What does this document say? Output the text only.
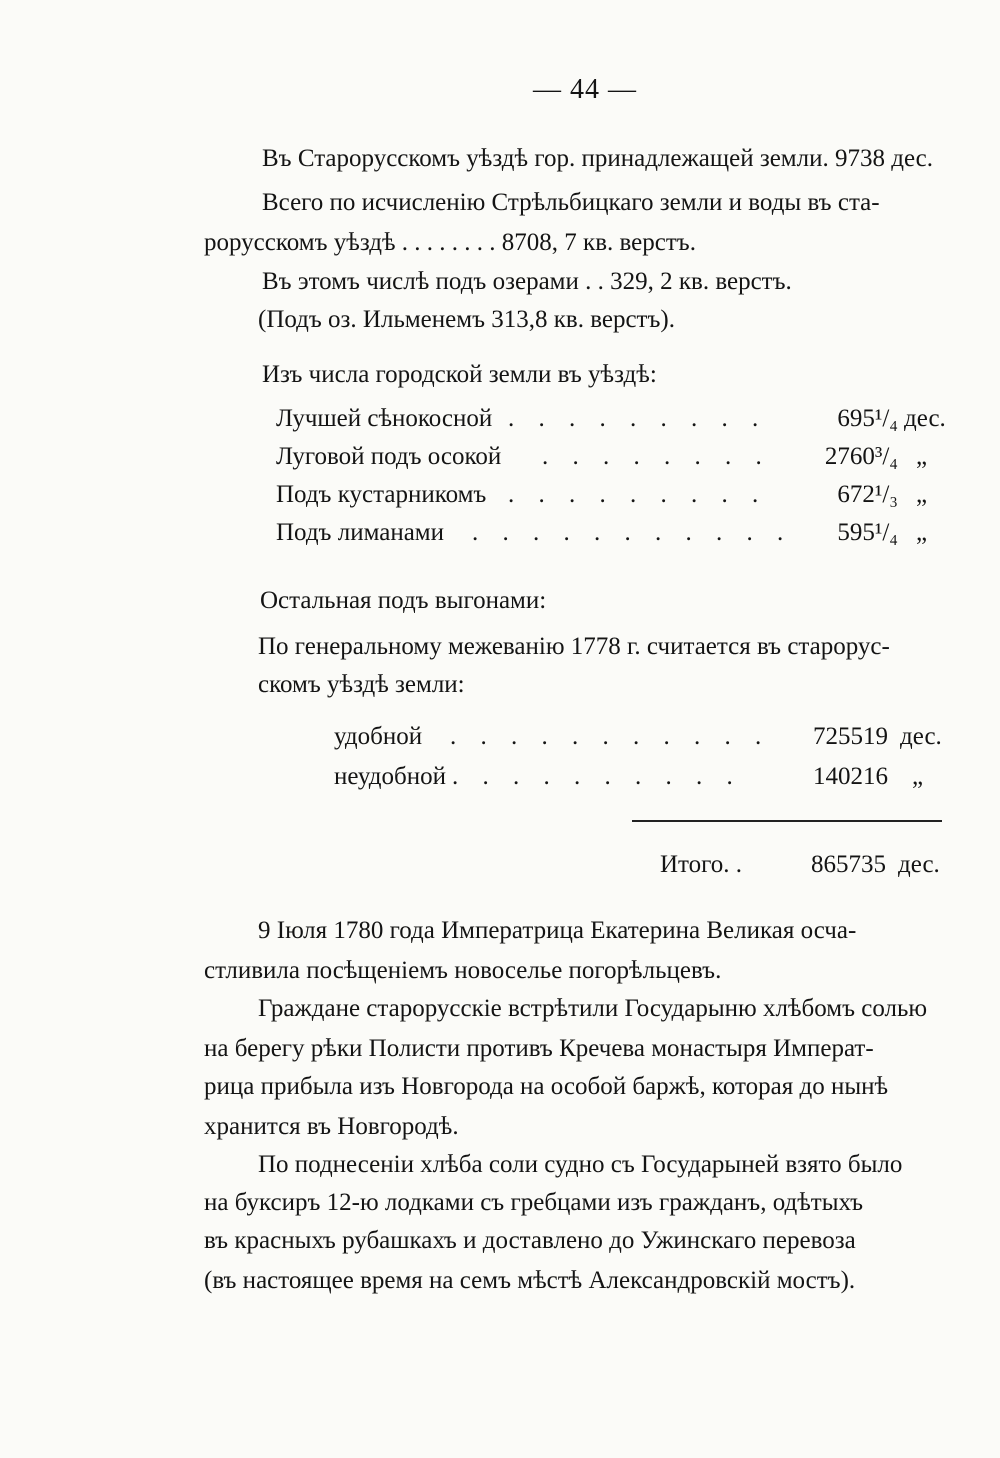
— 44 —
Въ Старорусскомъ уѣздѣ гор. принадлежащей земли. 9738 дес.
Всего по исчисленію Стрѣльбицкаго земли и воды въ ста-
рорусскомъ уѣздѣ . . . . . . . . 8708, 7 кв. верстъ.
Въ этомъ числѣ подъ озерами . . 329, 2 кв. верстъ.
(Подъ оз. Ильменемъ 313,8 кв. верстъ).
Изъ числа городской земли въ уѣздѣ:
Лучшей сѣнокосной . . . . . . . . .	695¹/₄ дес.
Луговой подъ осокой . . . . . . . .	2760³/₄ „
Подъ кустарникомъ . . . . . . . . .	672¹/₃ „
Подъ лиманами . . . . . . . . . . .	595¹/₄ „
Остальная подъ выгонами:
По генеральному межеванію 1778 г. считается въ старорус-
скомъ уѣздѣ земли:
удобной . . . . . . . . . . .	725519 дес.
неудобной . . . . . . . . . .	140216 „
Итого. .	865735 дес.
9 Іюля 1780 года Императрица Екатерина Великая осча-
стливила посѣщеніемъ новоселье погорѣльцевъ.
Граждане старорусскіе встрѣтили Государыню хлѣбомъ солью
на берегу рѣки Полисти противъ Кречева монастыря Императ-
рица прибыла изъ Новгорода на особой баржѣ, которая до нынѣ
хранится въ Новгородѣ.
По поднесеніи хлѣба соли судно съ Государыней взято было
на буксиръ 12-ю лодками съ гребцами изъ гражданъ, одѣтыхъ
въ красныхъ рубашкахъ и доставлено до Ужинскаго перевоза
(въ настоящее время на семъ мѣстѣ Александровскій мостъ).
